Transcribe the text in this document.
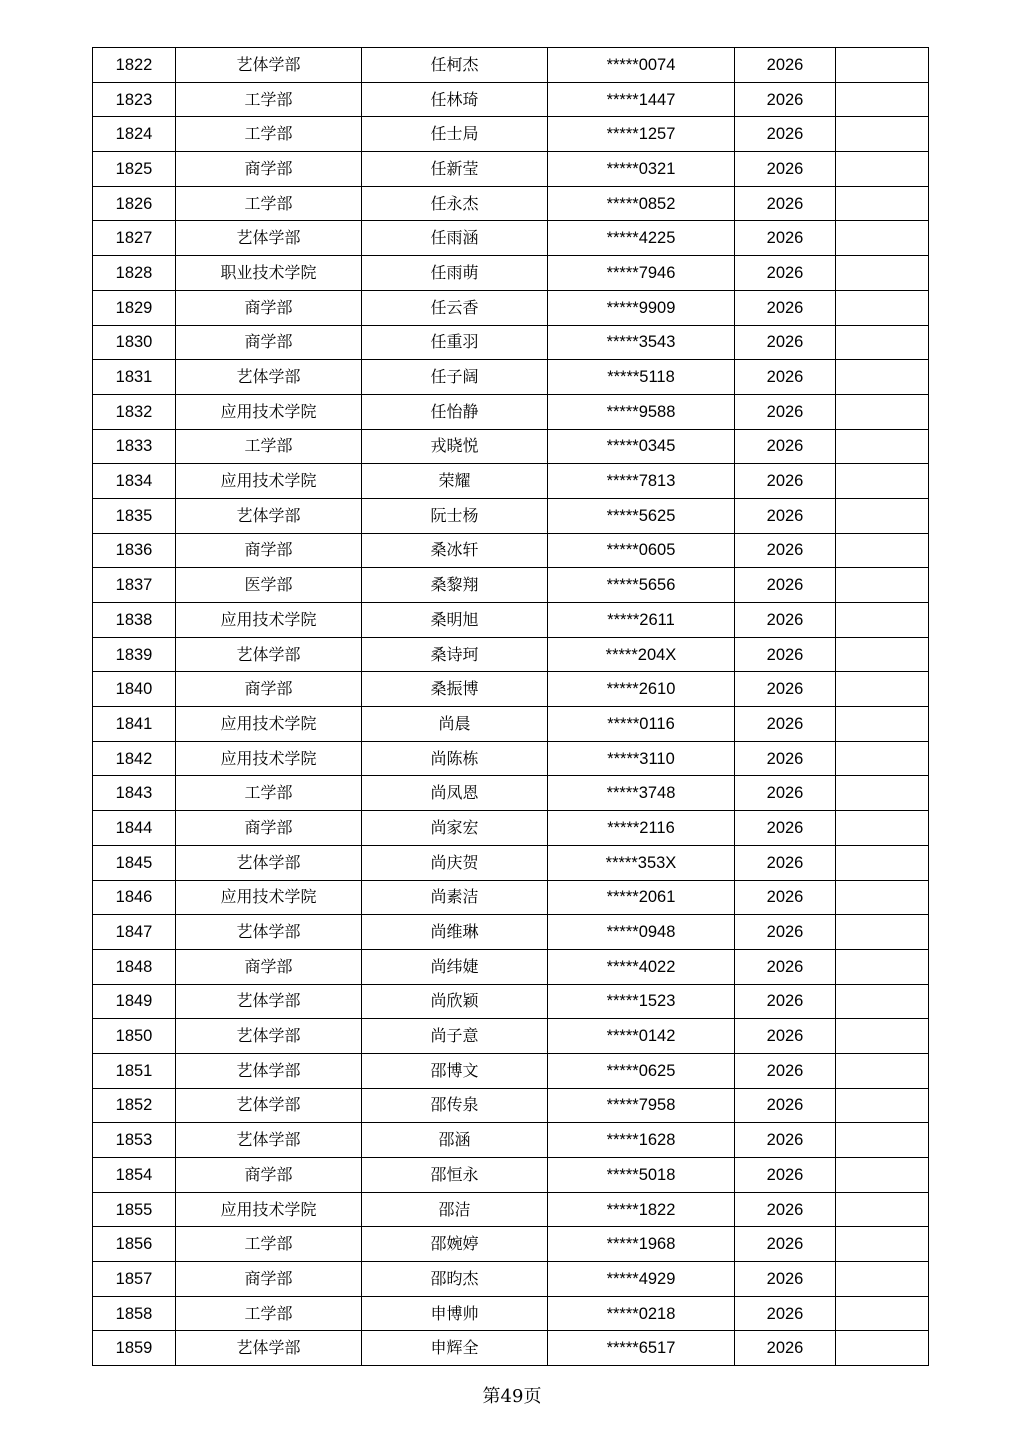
1822	艺体学部	任柯杰	*****0074	2026	
1823	工学部	任林琦	*****1447	2026	
1824	工学部	任士局	*****1257	2026	
1825	商学部	任新莹	*****0321	2026	
1826	工学部	任永杰	*****0852	2026	
1827	艺体学部	任雨涵	*****4225	2026	
1828	职业技术学院	任雨萌	*****7946	2026	
1829	商学部	任云香	*****9909	2026	
1830	商学部	任重羽	*****3543	2026	
1831	艺体学部	任子阔	*****5118	2026	
1832	应用技术学院	任怡静	*****9588	2026	
1833	工学部	戎晓悦	*****0345	2026	
1834	应用技术学院	荣耀	*****7813	2026	
1835	艺体学部	阮士杨	*****5625	2026	
1836	商学部	桑冰轩	*****0605	2026	
1837	医学部	桑黎翔	*****5656	2026	
1838	应用技术学院	桑明旭	*****2611	2026	
1839	艺体学部	桑诗珂	*****204X	2026	
1840	商学部	桑振博	*****2610	2026	
1841	应用技术学院	尚晨	*****0116	2026	
1842	应用技术学院	尚陈栋	*****3110	2026	
1843	工学部	尚凤恩	*****3748	2026	
1844	商学部	尚家宏	*****2116	2026	
1845	艺体学部	尚庆贺	*****353X	2026	
1846	应用技术学院	尚素洁	*****2061	2026	
1847	艺体学部	尚维琳	*****0948	2026	
1848	商学部	尚纬婕	*****4022	2026	
1849	艺体学部	尚欣颖	*****1523	2026	
1850	艺体学部	尚子意	*****0142	2026	
1851	艺体学部	邵博文	*****0625	2026	
1852	艺体学部	邵传泉	*****7958	2026	
1853	艺体学部	邵涵	*****1628	2026	
1854	商学部	邵恒永	*****5018	2026	
1855	应用技术学院	邵洁	*****1822	2026	
1856	工学部	邵婉婷	*****1968	2026	
1857	商学部	邵昀杰	*****4929	2026	
1858	工学部	申博帅	*****0218	2026	
1859	艺体学部	申辉全	*****6517	2026	
第49页
